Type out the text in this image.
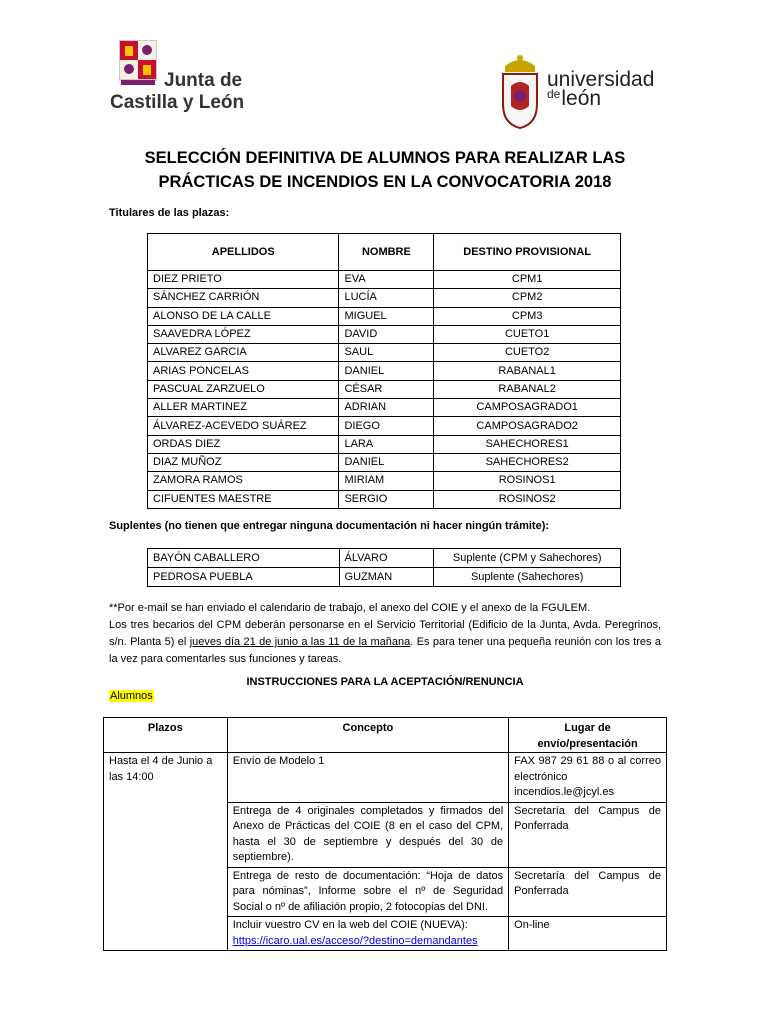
Junta de
Castilla y León
universidad
$^{de}$león
SELECCIÓN DEFINITIVA DE ALUMNOS PARA REALIZAR LAS
PRÁCTICAS DE INCENDIOS EN LA CONVOCATORIA 2018
Titulares de las plazas:
APELLIDOS	NOMBRE	DESTINO PROVISIONAL
DIEZ PRIETO	EVA	CPM1
SÁNCHEZ CARRIÓN	LUCÍA	CPM2
ALONSO DE LA CALLE	MIGUEL	CPM3
SAAVEDRA LÓPEZ	DAVID	CUETO1
ALVAREZ GARCIA	SAUL	CUETO2
ARIAS PONCELAS	DANIEL	RABANAL1
PASCUAL ZARZUELO	CÉSAR	RABANAL2
ALLER MARTINEZ	ADRIAN	CAMPOSAGRADO1
ÁLVAREZ-ACEVEDO SUÁREZ	DIEGO	CAMPOSAGRADO2
ORDAS DIEZ	LARA	SAHECHORES1
DIAZ MUÑOZ	DANIEL	SAHECHORES2
ZAMORA RAMOS	MIRIAM	ROSINOS1
CIFUENTES MAESTRE	SERGIO	ROSINOS2
Suplentes (no tienen que entregar ninguna documentación ni hacer ningún trámite):
BAYÓN CABALLERO	ÁLVARO	Suplente (CPM y Sahechores)
PEDROSA PUEBLA	GUZMAN	Suplente (Sahechores)
**Por e-mail se han enviado el calendario de trabajo, el anexo del COIE y el anexo de la FGULEM.
Los tres becarios del CPM deberán personarse en el Servicio Territorial (Edificio de la Junta, Avda. Peregrinos, s/n. Planta 5) el jueves día 21 de junio a las 11 de la mañana. Es para tener una pequeña reunión con los tres a la vez para comentarles sus funciones y tareas.
INSTRUCCIONES PARA LA ACEPTACIÓN/RENUNCIA
Alumnos
Plazos	Concepto	Lugar de envío/presentación
Hasta el 4 de Junio a las 14:00	Envío de Modelo 1	FAX 987 29 61 88 o al correo electrónico incendios.le@jcyl.es
	Entrega de 4 originales completados y firmados del Anexo de Prácticas del COIE (8 en el caso del CPM, hasta el 30 de septiembre y después del 30 de septiembre).	Secretaría del Campus de Ponferrada
	Entrega de resto de documentación: “Hoja de datos para nóminas”, Informe sobre el nº de Seguridad Social o nº de afiliación propio, 2 fotocopias del DNI.	Secretaría del Campus de Ponferrada

	Incluir vuestro CV en la web del COIE (NUEVA):
https://icaro.ual.es/acceso/?destino=demandantes	On-line
